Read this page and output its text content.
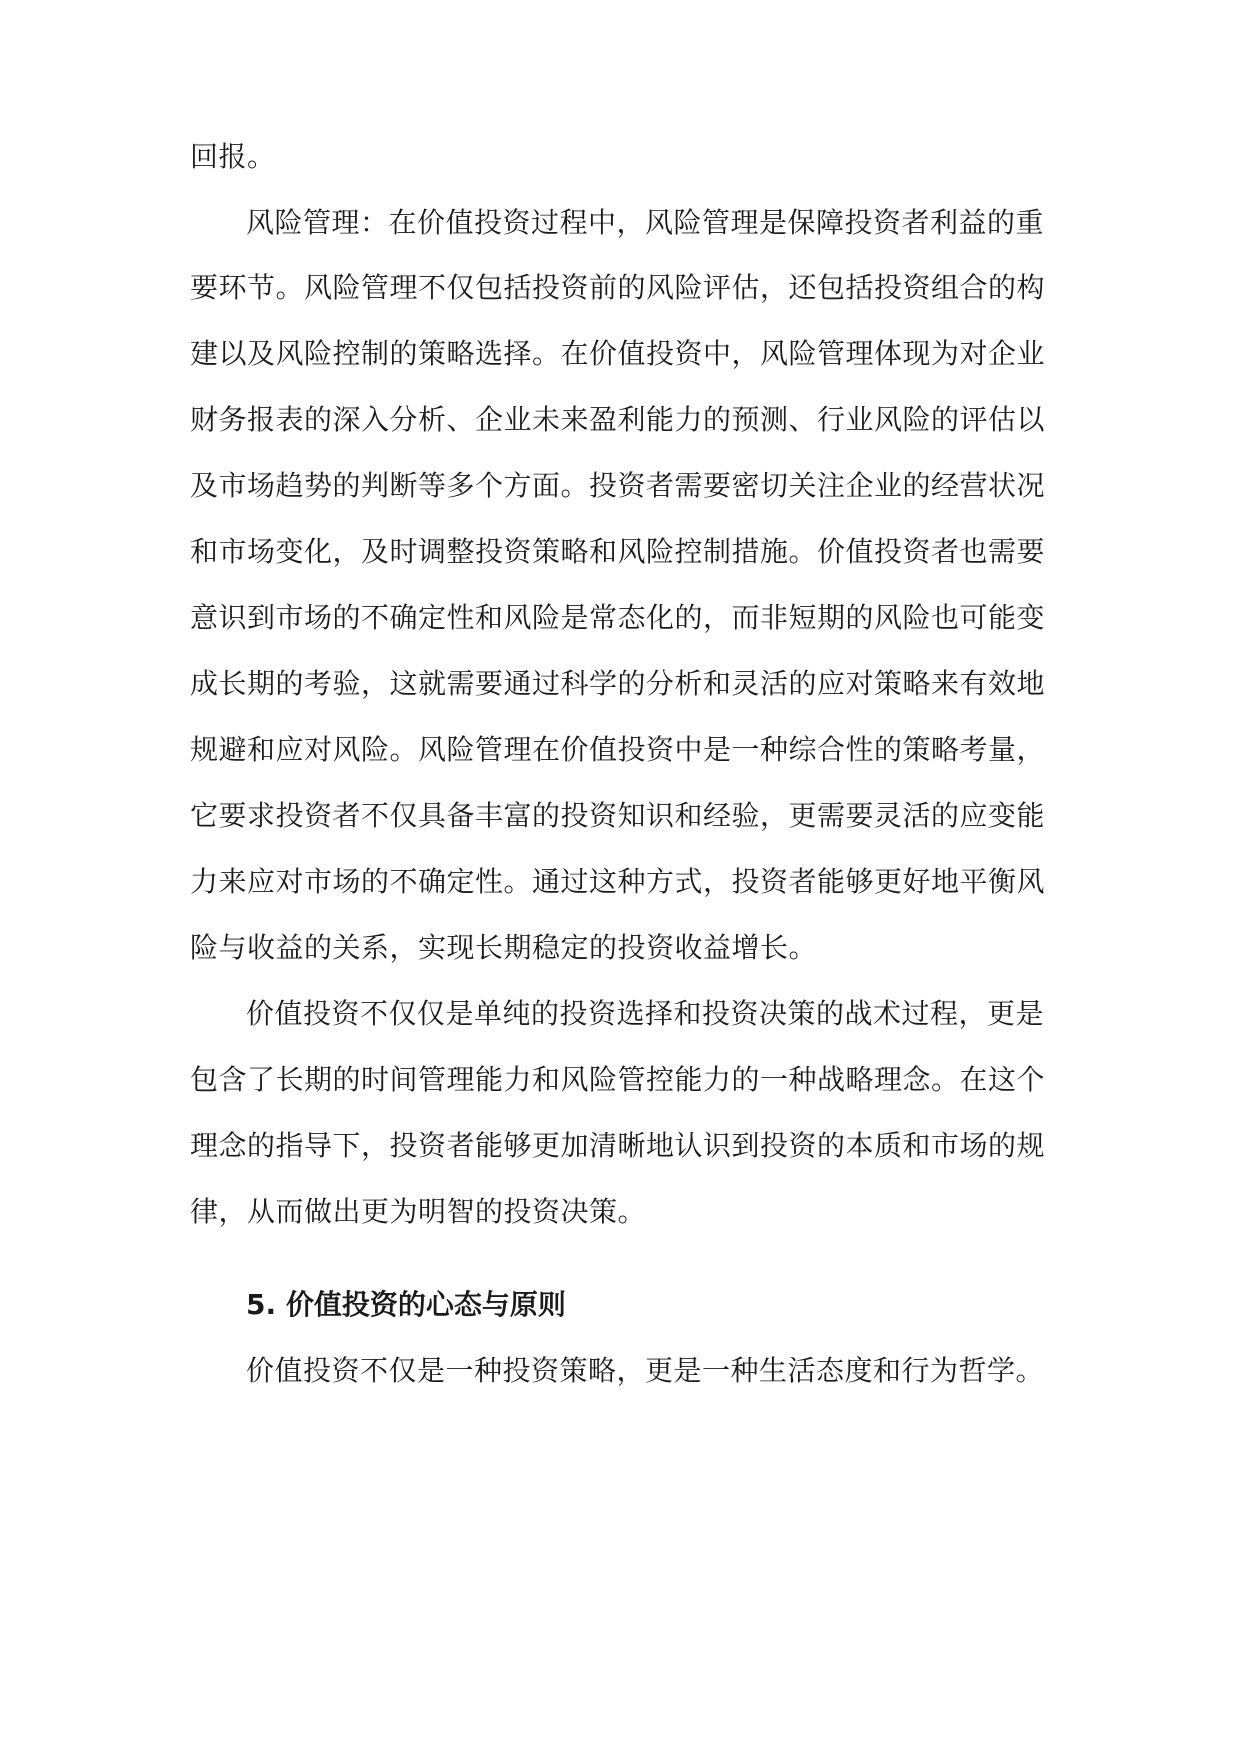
回报。
风险管理：在价值投资过程中，风险管理是保障投资者利益的重
要环节。风险管理不仅包括投资前的风险评估，还包括投资组合的构
建以及风险控制的策略选择。在价值投资中，风险管理体现为对企业
财务报表的深入分析、企业未来盈利能力的预测、行业风险的评估以
及市场趋势的判断等多个方面。投资者需要密切关注企业的经营状况
和市场变化，及时调整投资策略和风险控制措施。价值投资者也需要
意识到市场的不确定性和风险是常态化的，而非短期的风险也可能变
成长期的考验，这就需要通过科学的分析和灵活的应对策略来有效地
规避和应对风险。风险管理在价值投资中是一种综合性的策略考量，
它要求投资者不仅具备丰富的投资知识和经验，更需要灵活的应变能
力来应对市场的不确定性。通过这种方式，投资者能够更好地平衡风
险与收益的关系，实现长期稳定的投资收益增长。
价值投资不仅仅是单纯的投资选择和投资决策的战术过程，更是
包含了长期的时间管理能力和风险管控能力的一种战略理念。在这个
理念的指导下，投资者能够更加清晰地认识到投资的本质和市场的规
律，从而做出更为明智的投资决策。
5. 价值投资的心态与原则
价值投资不仅是一种投资策略，更是一种生活态度和行为哲学。
